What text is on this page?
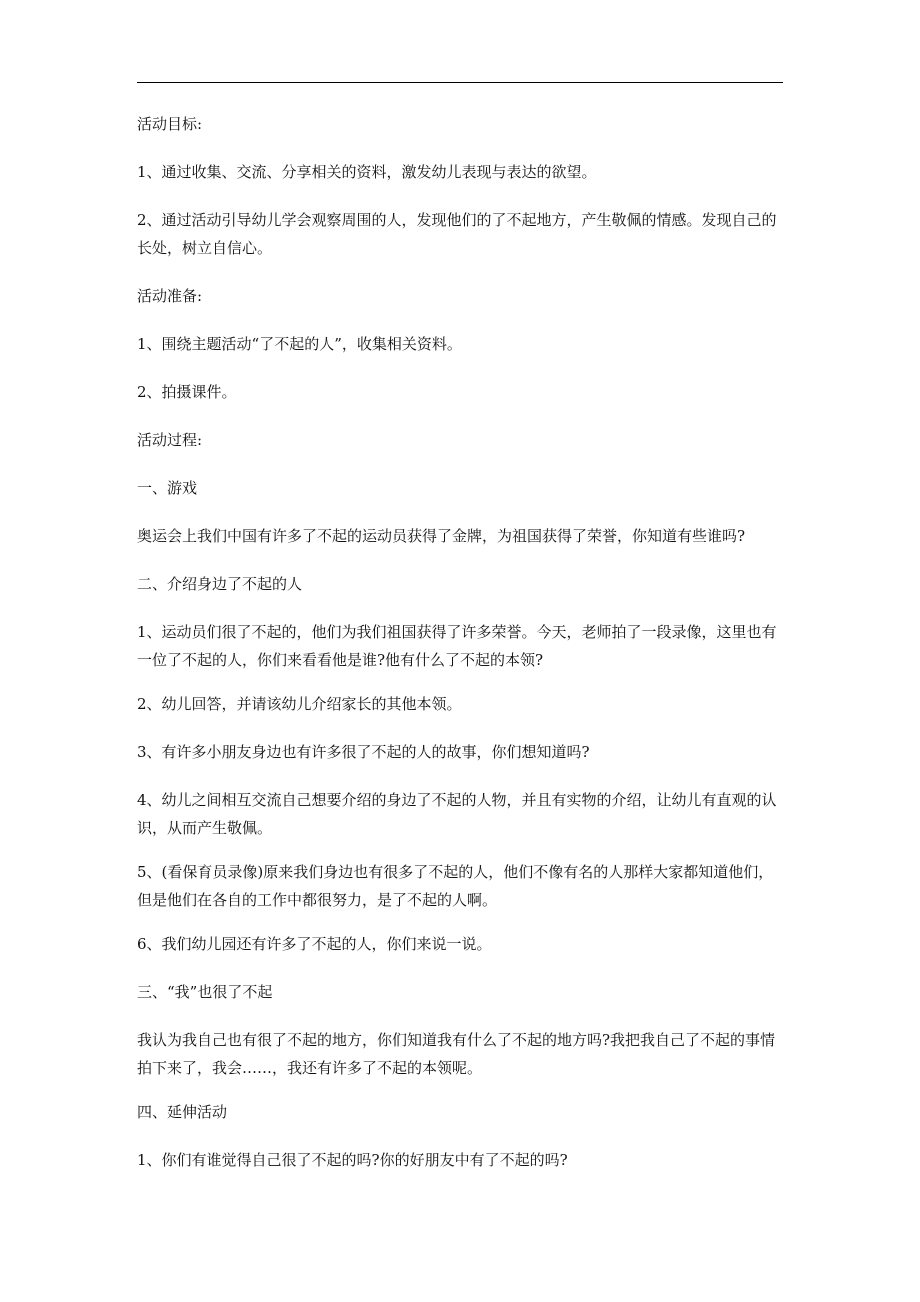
活动目标:

1、通过收集、交流、分享相关的资料，激发幼儿表现与表达的欲望。

2、通过活动引导幼儿学会观察周围的人，发现他们的了不起地方，产生敬佩的情感。发现自己的长处，树立自信心。

活动准备:

1、围绕主题活动“了不起的人”，收集相关资料。

2、拍摄课件。

活动过程:

一、游戏

奥运会上我们中国有许多了不起的运动员获得了金牌，为祖国获得了荣誉，你知道有些谁吗?

二、介绍身边了不起的人

1、运动员们很了不起的，他们为我们祖国获得了许多荣誉。今天，老师拍了一段录像，这里也有一位了不起的人，你们来看看他是谁?他有什么了不起的本领?

2、幼儿回答，并请该幼儿介绍家长的其他本领。

3、有许多小朋友身边也有许多很了不起的人的故事，你们想知道吗?

4、幼儿之间相互交流自己想要介绍的身边了不起的人物，并且有实物的介绍，让幼儿有直观的认识，从而产生敬佩。

5、(看保育员录像)原来我们身边也有很多了不起的人，他们不像有名的人那样大家都知道他们，但是他们在各自的工作中都很努力，是了不起的人啊。

6、我们幼儿园还有许多了不起的人，你们来说一说。

三、“我”也很了不起

我认为我自己也有很了不起的地方，你们知道我有什么了不起的地方吗?我把我自己了不起的事情拍下来了，我会……，我还有许多了不起的本领呢。

四、延伸活动

1、你们有谁觉得自己很了不起的吗?你的好朋友中有了不起的吗?
